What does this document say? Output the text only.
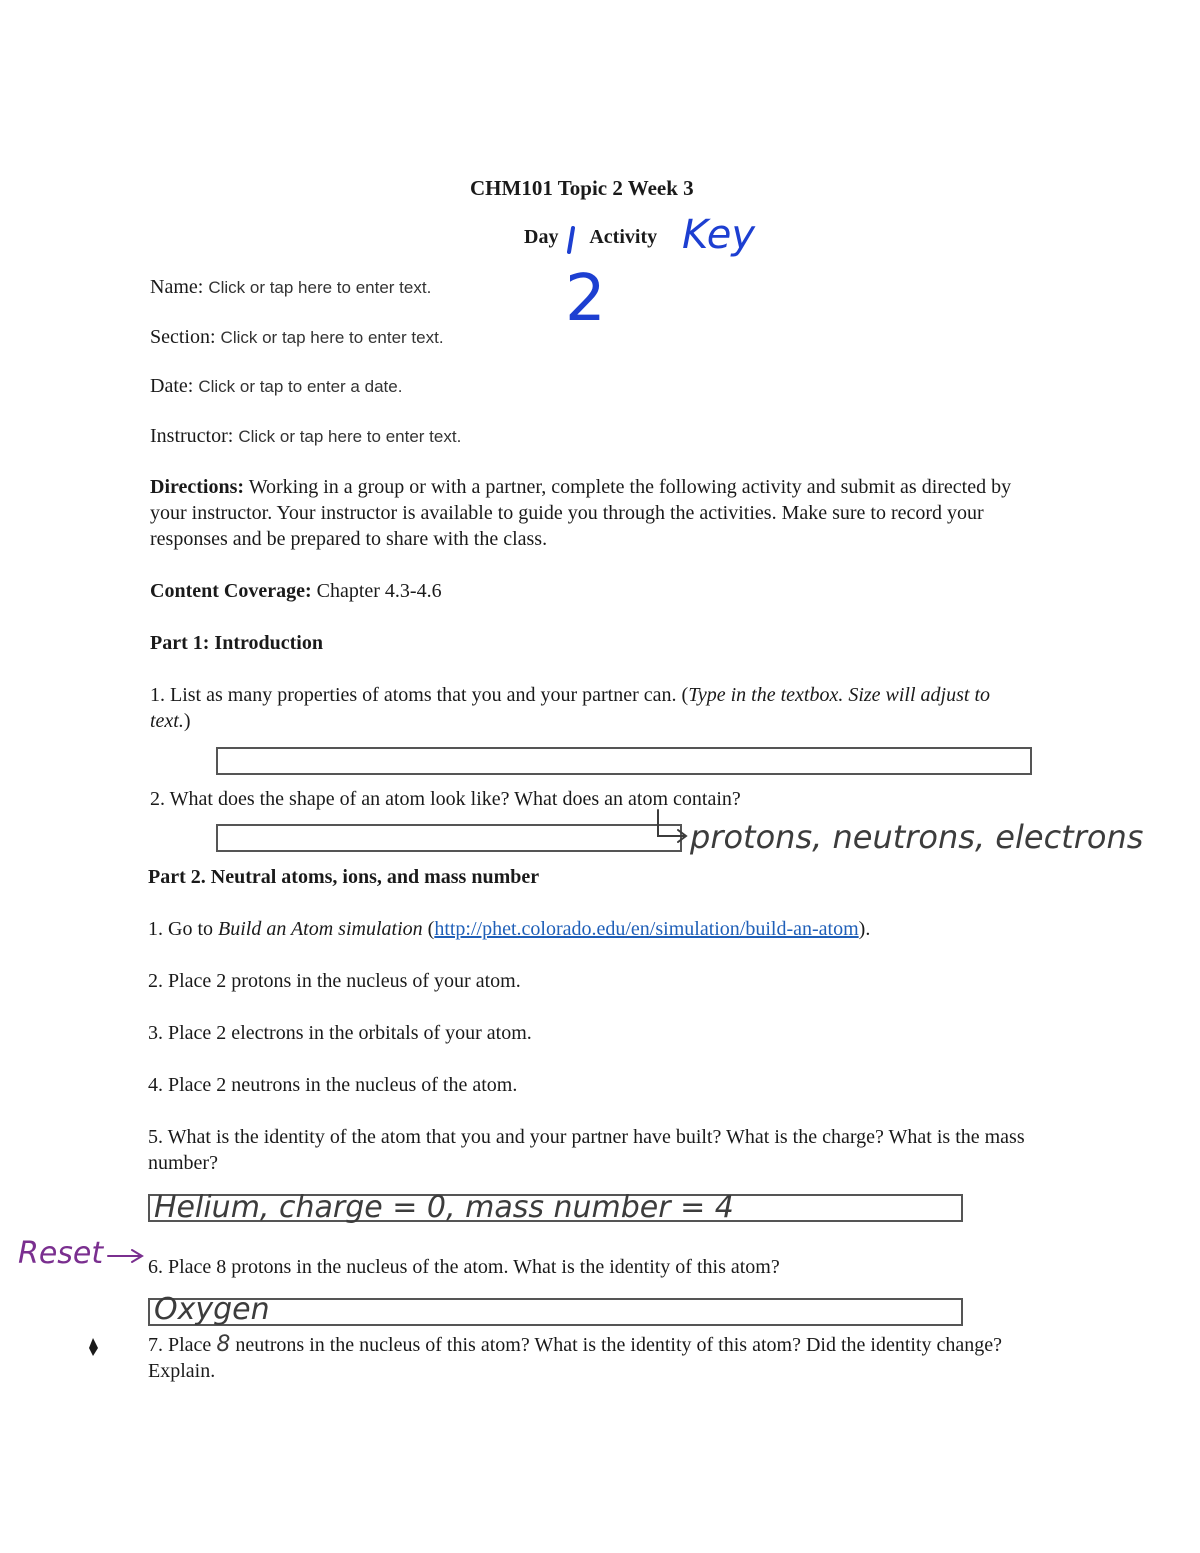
CHM101 Topic 2 Week 3
Day Activity
2
Key
Name: Click or tap here to enter text.
Section: Click or tap here to enter text.
Date: Click or tap to enter a date.
Instructor: Click or tap here to enter text.
Directions: Working in a group or with a partner, complete the following activity and submit as directed by your instructor. Your instructor is available to guide you through the activities. Make sure to record your responses and be prepared to share with the class.
Content Coverage: Chapter 4.3-4.6
Part 1: Introduction
1. List as many properties of atoms that you and your partner can. (Type in the textbox. Size will adjust to text.)
2. What does the shape of an atom look like? What does an atom contain?
protons, neutrons, electrons
Part 2. Neutral atoms, ions, and mass number
1. Go to Build an Atom simulation (http://phet.colorado.edu/en/simulation/build-an-atom).
2. Place 2 protons in the nucleus of your atom.
3. Place 2 electrons in the orbitals of your atom.
4. Place 2 neutrons in the nucleus of the atom.
5. What is the identity of the atom that you and your partner have built? What is the charge? What is the mass number?
Helium, charge = 0, mass number = 4
Reset 6. Place 8 protons in the nucleus of the atom. What is the identity of this atom?
Oxygen
7. Place 8 neutrons in the nucleus of this atom? What is the identity of this atom? Did the identity change? Explain.
